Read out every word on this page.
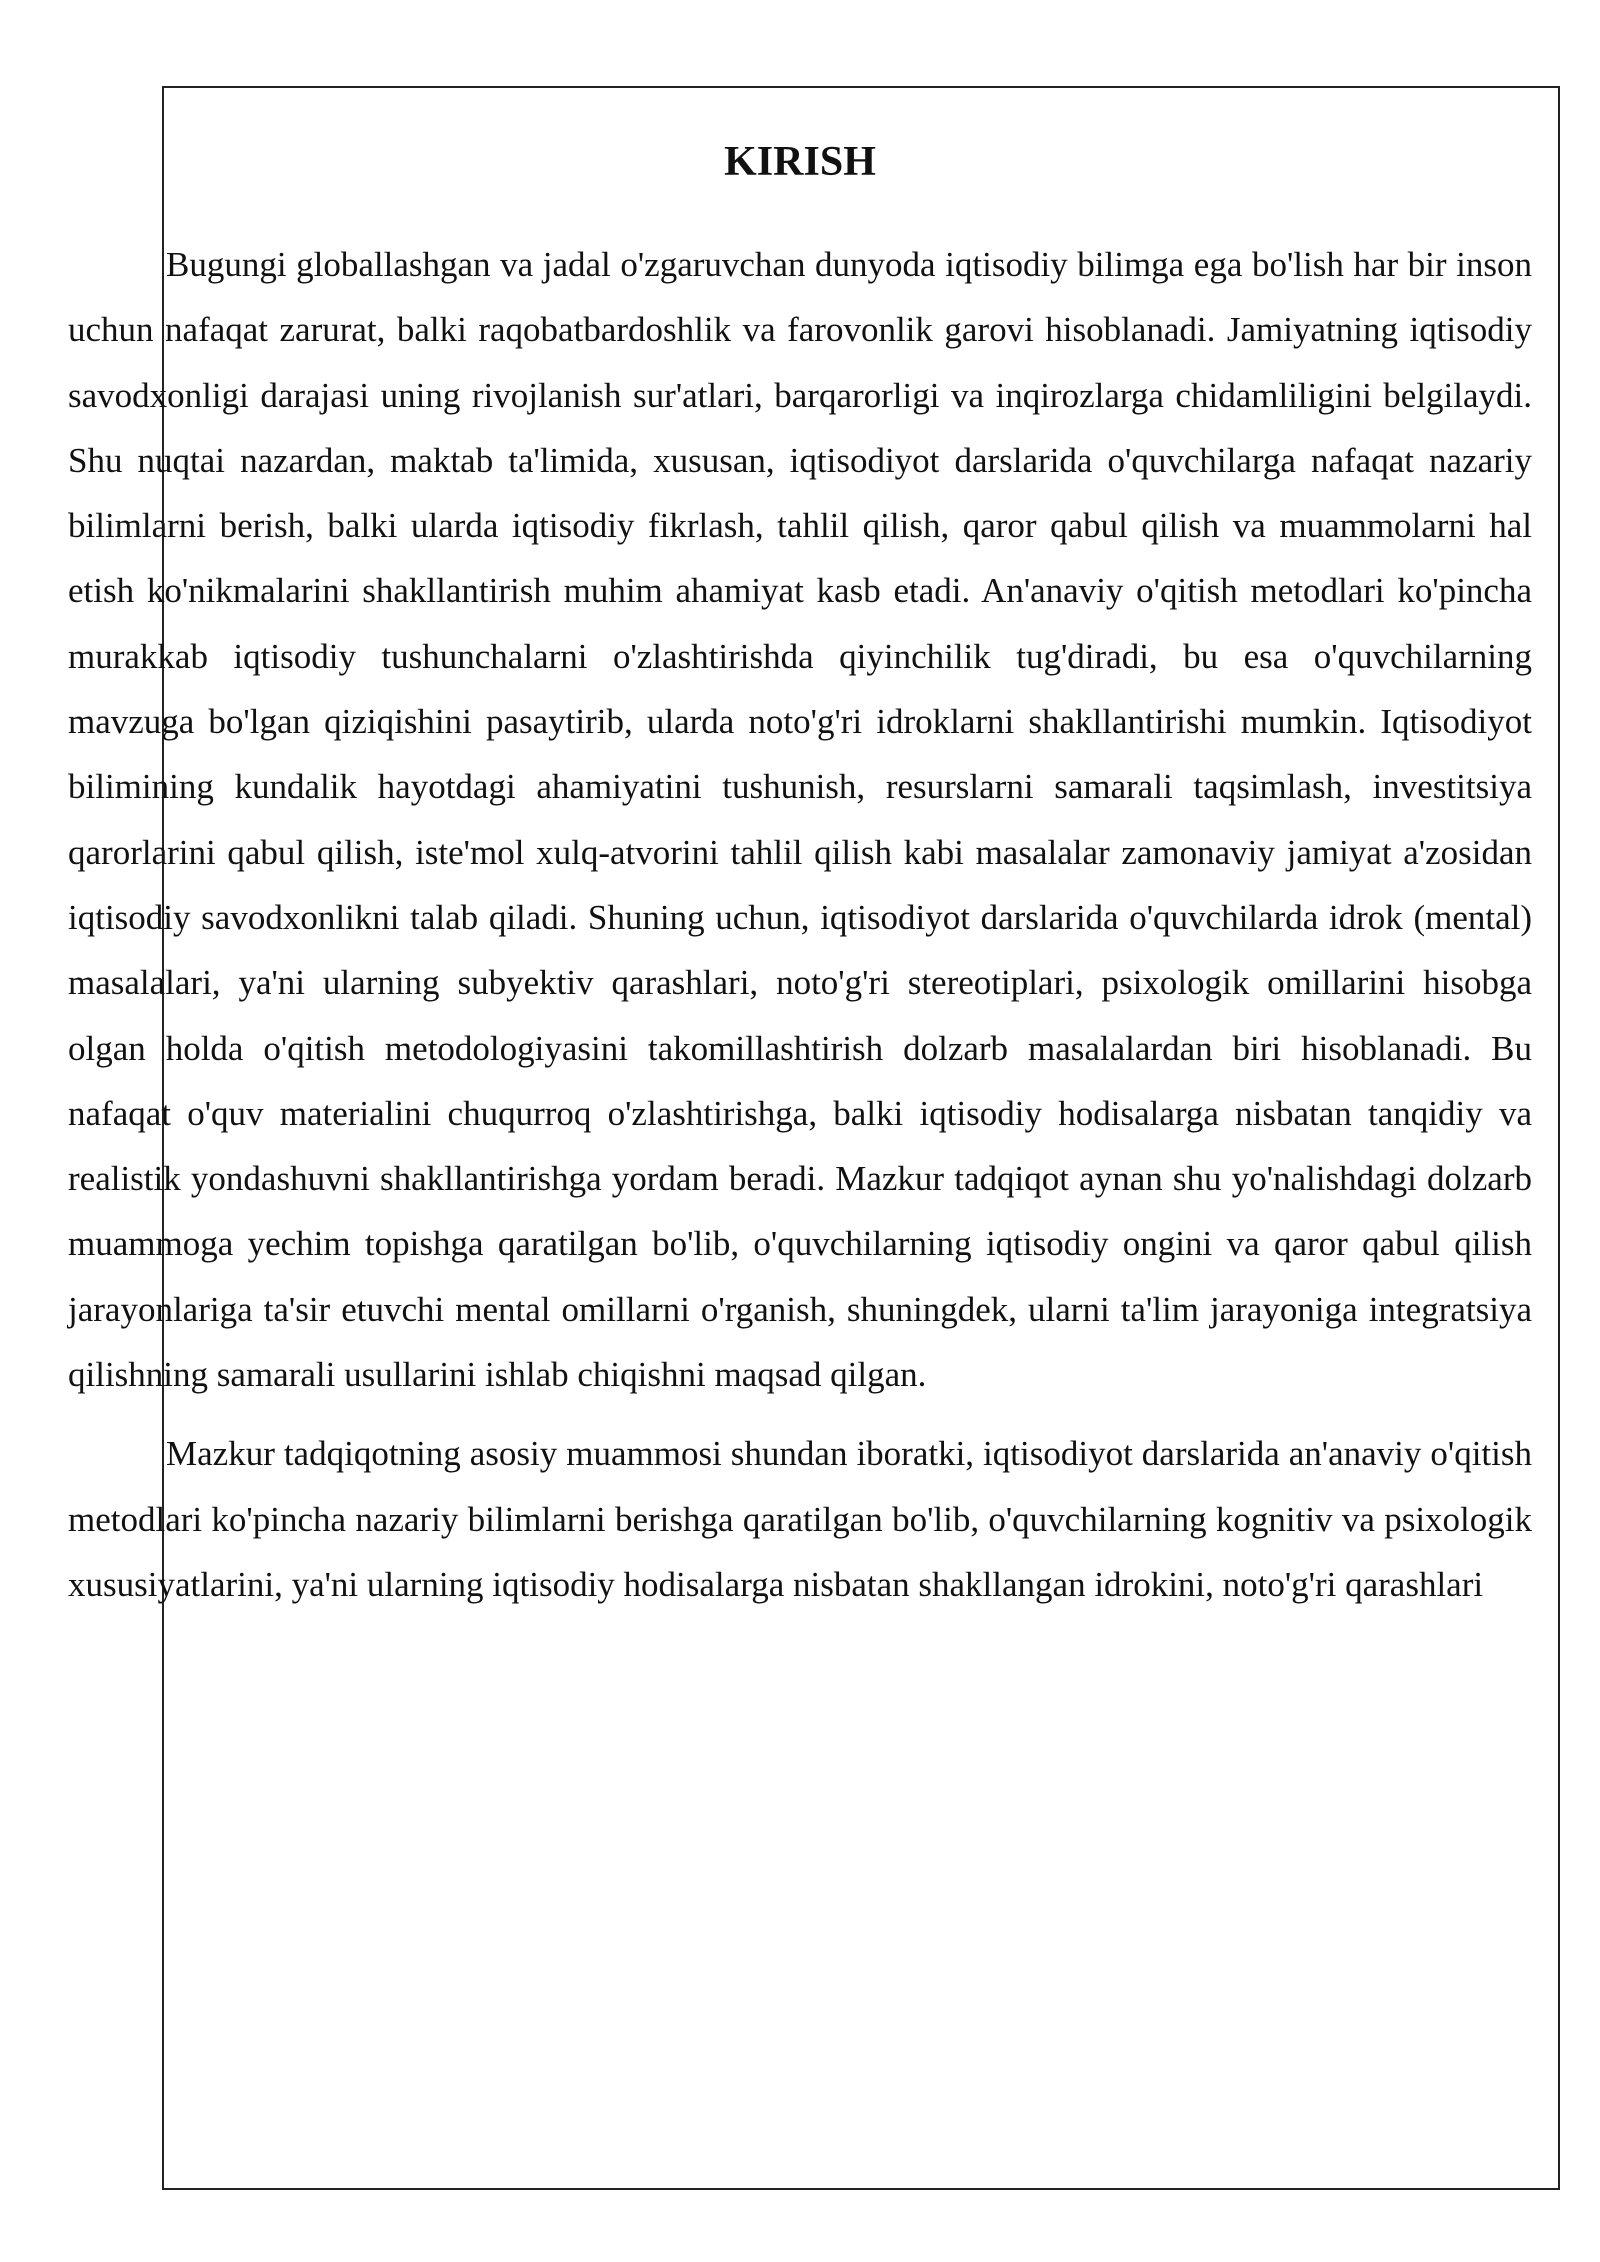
KIRISH

Bugungi globallashgan va jadal o'zgaruvchan dunyoda iqtisodiy bilimga ega bo'lish har bir inson uchun nafaqat zarurat, balki raqobatbardoshlik va farovonlik garovi hisoblanadi. Jamiyatning iqtisodiy savodxonligi darajasi uning rivojlanish sur'atlari, barqarorligi va inqirozlarga chidamliligini belgilaydi. Shu nuqtai nazardan, maktab ta'limida, xususan, iqtisodiyot darslarida o'quvchilarga nafaqat nazariy bilimlarni berish, balki ularda iqtisodiy fikrlash, tahlil qilish, qaror qabul qilish va muammolarni hal etish ko'nikmalarini shakllantirish muhim ahamiyat kasb etadi. An'anaviy o'qitish metodlari ko'pincha murakkab iqtisodiy tushunchalarni o'zlashtirishda qiyinchilik tug'diradi, bu esa o'quvchilarning mavzuga bo'lgan qiziqishini pasaytirib, ularda noto'g'ri idroklarni shakllantirishi mumkin. Iqtisodiyot bilimining kundalik hayotdagi ahamiyatini tushunish, resurslarni samarali taqsimlash, investitsiya qarorlarini qabul qilish, iste'mol xulq-atvorini tahlil qilish kabi masalalar zamonaviy jamiyat a'zosidan iqtisodiy savodxonlikni talab qiladi. Shuning uchun, iqtisodiyot darslarida o'quvchilarda idrok (mental) masalalari, ya'ni ularning subyektiv qarashlari, noto'g'ri stereotiplari, psixologik omillarini hisobga olgan holda o'qitish metodologiyasini takomillashtirish dolzarb masalalardan biri hisoblanadi. Bu nafaqat o'quv materialini chuqurroq o'zlashtirishga, balki iqtisodiy hodisalarga nisbatan tanqidiy va realistik yondashuvni shakllantirishga yordam beradi. Mazkur tadqiqot aynan shu yo'nalishdagi dolzarb muammoga yechim topishga qaratilgan bo'lib, o'quvchilarning iqtisodiy ongini va qaror qabul qilish jarayonlariga ta'sir etuvchi mental omillarni o'rganish, shuningdek, ularni ta'lim jarayoniga integratsiya qilishning samarali usullarini ishlab chiqishni maqsad qilgan.

Mazkur tadqiqotning asosiy muammosi shundan iboratki, iqtisodiyot darslarida an'anaviy o'qitish metodlari ko'pincha nazariy bilimlarni berishga qaratilgan bo'lib, o'quvchilarning kognitiv va psixologik xususiyatlarini, ya'ni ularning iqtisodiy hodisalarga nisbatan shakllangan idrokini, noto'g'ri qarashlari
